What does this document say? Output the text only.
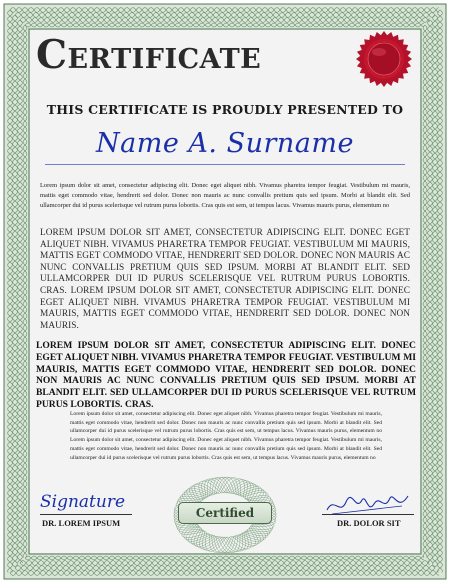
Certificate
THIS CERTIFICATE IS PROUDLY PRESENTED TO
Name A. Surname
Lorem ipsum dolor sit amet, consectetur adipiscing elit. Donec eget aliquet nibh. Vivamus pharetra tempor feugiat. Vestibulum mi mauris, mattis eget commodo vitae, hendrerit sed dolor. Donec non mauris ac nunc convallis pretium quis sed ipsum. Morbi at blandit elit. Sed ullamcorper dui id purus scelerisque vel rutrum purus lobortis. Cras quis est sem, ut tempus lacus. Vivamus mauris purus, elementum no
LOREM IPSUM DOLOR SIT AMET, CONSECTETUR ADIPISCING ELIT. DONEC EGET ALIQUET NIBH. VIVAMUS PHARETRA TEMPOR FEUGIAT. VESTIBULUM MI MAURIS, MATTIS EGET COMMODO VITAE, HENDRERIT SED DOLOR. DONEC NON MAURIS AC NUNC CONVALLIS PRETIUM QUIS SED IPSUM. MORBI AT BLANDIT ELIT. SED ULLAMCORPER DUI ID PURUS SCELERISQUE VEL RUTRUM PURUS LOBORTIS. CRAS. LOREM IPSUM DOLOR SIT AMET, CONSECTETUR ADIPISCING ELIT. DONEC EGET ALIQUET NIBH. VIVAMUS PHARETRA TEMPOR FEUGIAT. VESTIBULUM MI MAURIS, MATTIS EGET COMMODO VITAE, HENDRERIT SED DOLOR. DONEC NON MAURIS.
LOREM IPSUM DOLOR SIT AMET, CONSECTETUR ADIPISCING ELIT. DONEC EGET ALIQUET NIBH. VIVAMUS PHARETRA TEMPOR FEUGIAT. VESTIBULUM MI MAURIS, MATTIS EGET COMMODO VITAE, HENDRERIT SED DOLOR. DONEC NON MAURIS AC NUNC CONVALLIS PRETIUM QUIS SED IPSUM. MORBI AT BLANDIT ELIT. SED ULLAMCORPER DUI ID PURUS SCELERISQUE VEL RUTRUM PURUS LOBORTIS. CRAS.
Lorem ipsum dolor sit amet, consectetur adipiscing elit. Donec eget aliquet nibh. Vivamus pharetra tempor feugiat. Vestibulum mi mauris, mattis eget commodo vitae, hendrerit sed dolor. Donec non mauris ac nunc convallis pretium quis sed ipsum. Morbi at blandit elit. Sed ullamcorper dui id purus scelerisque vel rutrum purus lobortis. Cras quis est sem, ut tempus lacus. Vivamus mauris purus, elementum no Lorem ipsum dolor sit amet, consectetur adipiscing elit. Donec eget aliquet nibh. Vivamus pharetra tempor feugiat. Vestibulum mi mauris, mattis eget commodo vitae, hendrerit sed dolor. Donec non mauris ac nunc convallis pretium quis sed ipsum. Morbi at blandit elit. Sed ullamcorper dui id purus scelerisque vel rutrum purus lobortis. Cras quis est sem, ut tempus lacus. Vivamus mauris purus, elementum no
Certified
Signature
DR. LOREM IPSUM	DR. DOLOR SIT
